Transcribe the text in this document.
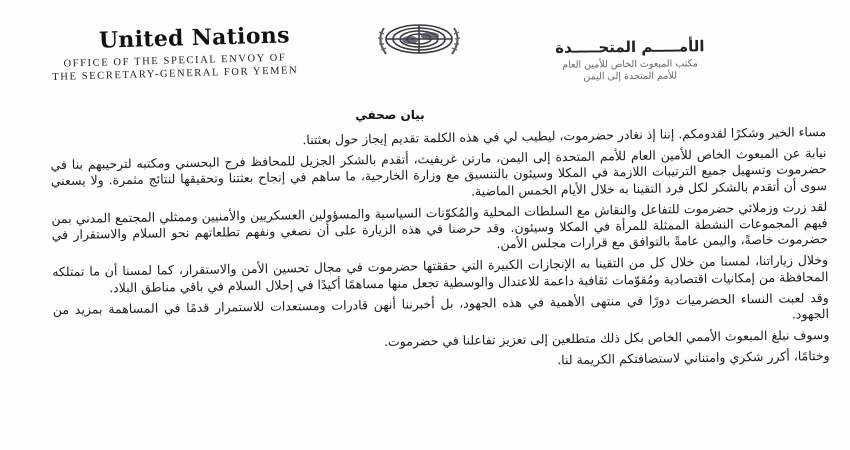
United Nations
OFFICE OF THE SPECIAL ENVOY OF
THE SECRETARY-GENERAL FOR YEMEN
الأمـــــم المتحـــــدة
مكتب المبعوث الخاص للأمين العام
للأمم المتحدة إلى اليمن
بيان صحفي

مساء الخير وشكرًا لقدومكم. إننا إذ نغادر حضرموت، ليطيب لي في هذه الكلمة تقديم إيجاز حول بعثتنا.

نيابة عن المبعوث الخاص للأمين العام للأمم المتحدة إلى اليمن، مارتن غريفيث، أتقدم بالشكر الجزيل للمحافظ فرج البحسني ومكتبه لترحيبهم بنا في حضرموت وتسهيل جميع الترتيبات اللازمة في المكلا وسيئون بالتنسيق مع وزارة الخارجية، ما ساهم في إنجاح بعثتنا وتحقيقها لنتائج مثمرة. ولا يسعني سوى أن أتقدم بالشكر لكل فرد التقينا به خلال الأيام الخمس الماضية.

لقد زرت وزملائي حضرموت للتفاعل والنقاش مع السلطات المحلية والمُكوّنات السياسية والمسؤولين العسكريين والأمنيين وممثلي المجتمع المدني بمن فيهم المجموعات النشطة الممثلة للمرأة في المكلا وسيئون. وقد حرصنا في هذه الزيارة على أن نصغي ونفهم تطلعاتهم نحو السلام والاستقرار في حضرموت خاصةً، واليمن عامةً بالتوافق مع قرارات مجلس الأمن.

وخلال زياراتنا، لمسنا من خلال كل من التقينا به الإنجازات الكبيرة التي حققتها حضرموت في مجال تحسين الأمن والاستقرار، كما لمسنا أن ما تمتلكه المحافظة من إمكانيات اقتصادية ومُقوّمات ثقافية داعمة للاعتدال والوسطية تجعل منها مساهمًا أكيدًا في إحلال السلام في باقي مناطق البلاد.

وقد لعبت النساء الحضرميات دورًا في منتهى الأهمية في هذه الجهود، بل أخبرننا أنهن قادرات ومستعدات للاستمرار قدمًا في المساهمة بمزيد من الجهود.

وسوف نبلغ المبعوث الأممي الخاص بكل ذلك متطلعين إلى تعزيز تفاعلنا في حضرموت.

وختامًا، أكرر شكري وامتناني لاستضافتكم الكريمة لنا.
